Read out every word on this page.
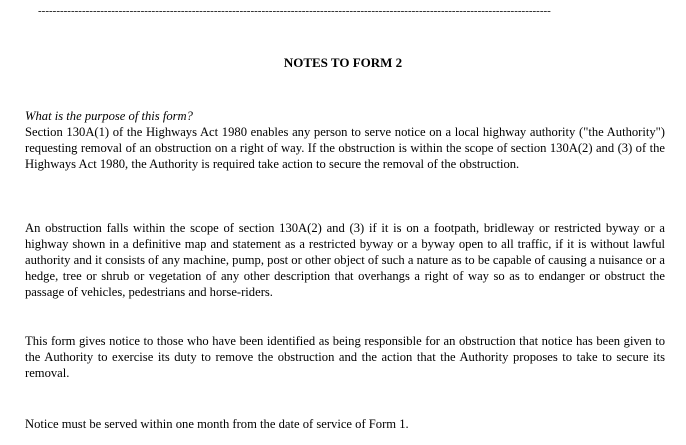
--------------------------------------------------------------------------------------------------------------------------------------------
NOTES TO FORM 2
What is the purpose of this form?
Section 130A(1) of the Highways Act 1980 enables any person to serve notice on a local highway authority ("the Authority") requesting removal of an obstruction on a right of way. If the obstruction is within the scope of section 130A(2) and (3) of the Highways Act 1980, the Authority is required take action to secure the removal of the obstruction.
An obstruction falls within the scope of section 130A(2) and (3) if it is on a footpath, bridleway or restricted byway or a highway shown in a definitive map and statement as a restricted byway or a byway open to all traffic, if it is without lawful authority and it consists of any machine, pump, post or other object of such a nature as to be capable of causing a nuisance or a hedge, tree or shrub or vegetation of any other description that overhangs a right of way so as to endanger or obstruct the passage of vehicles, pedestrians and horse-riders.
This form gives notice to those who have been identified as being responsible for an obstruction that notice has been given to the Authority to exercise its duty to remove the obstruction and the action that the Authority proposes to take to secure its removal.
Notice must be served within one month from the date of service of Form 1.
